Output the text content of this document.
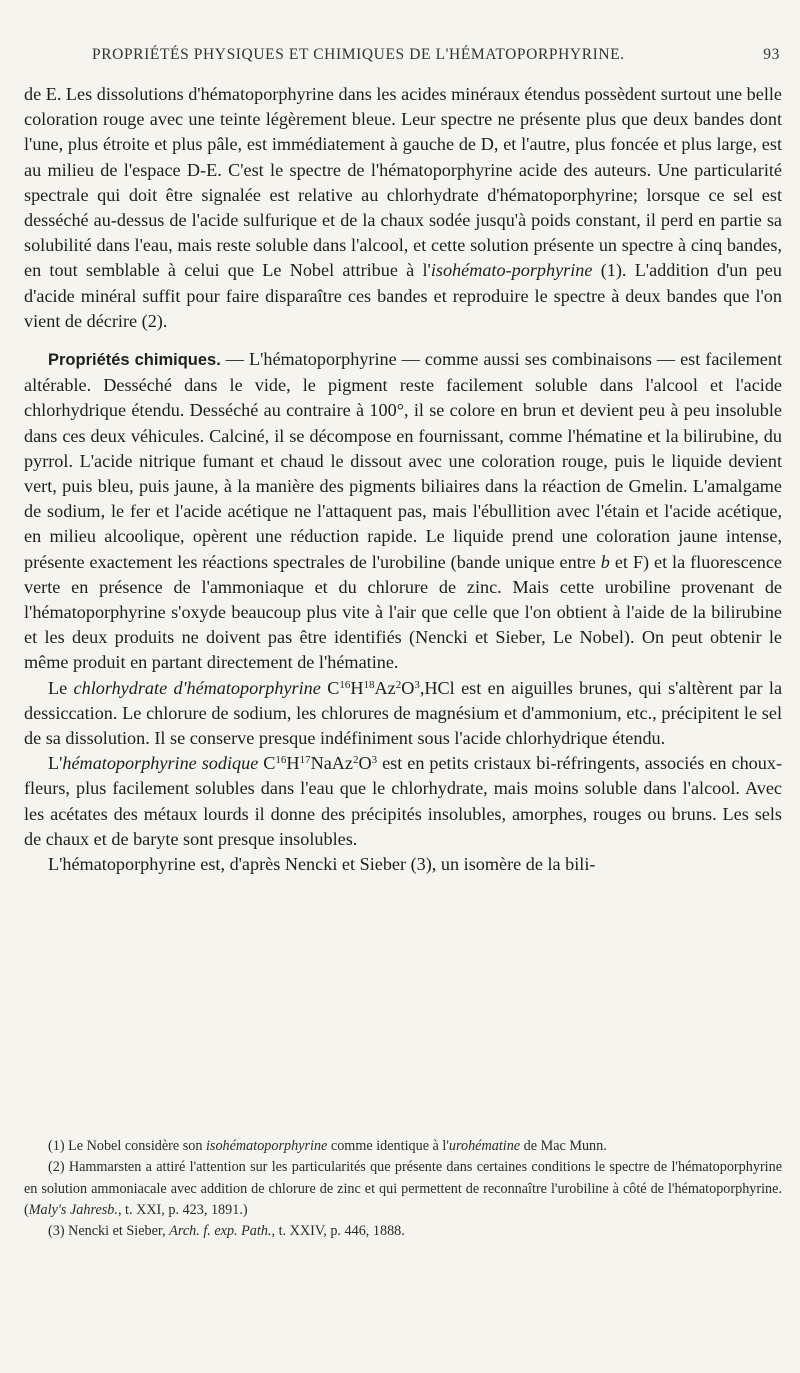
PROPRIÉTÉS PHYSIQUES ET CHIMIQUES DE L'HÉMATOPORPHYRINE.	93

de E. Les dissolutions d'hématoporphyrine dans les acides minéraux étendus possèdent surtout une belle coloration rouge avec une teinte légèrement bleue. Leur spectre ne présente plus que deux bandes dont l'une, plus étroite et plus pâle, est immédiatement à gauche de D, et l'autre, plus foncée et plus large, est au milieu de l'espace D-E. C'est le spectre de l'hématoporphyrine acide des auteurs. Une particularité spectrale qui doit être signalée est relative au chlorhydrate d'hématoporphyrine; lorsque ce sel est desséché au-dessus de l'acide sulfurique et de la chaux sodée jusqu'à poids constant, il perd en partie sa solubilité dans l'eau, mais reste soluble dans l'alcool, et cette solution présente un spectre à cinq bandes, en tout semblable à celui que Le Nobel attribue à l'isohémato-porphyrine (1). L'addition d'un peu d'acide minéral suffit pour faire disparaître ces bandes et reproduire le spectre à deux bandes que l'on vient de décrire (2).

Propriétés chimiques. — L'hématoporphyrine — comme aussi ses combinaisons — est facilement altérable. Desséché dans le vide, le pigment reste facilement soluble dans l'alcool et l'acide chlorhydrique étendu. Desséché au contraire à 100°, il se colore en brun et devient peu à peu insoluble dans ces deux véhicules. Calciné, il se décompose en fournissant, comme l'hématine et la bilirubine, du pyrrol. L'acide nitrique fumant et chaud le dissout avec une coloration rouge, puis le liquide devient vert, puis bleu, puis jaune, à la manière des pigments biliaires dans la réaction de Gmelin. L'amalgame de sodium, le fer et l'acide acétique ne l'attaquent pas, mais l'ébullition avec l'étain et l'acide acétique, en milieu alcoolique, opèrent une réduction rapide. Le liquide prend une coloration jaune intense, présente exactement les réactions spectrales de l'urobiline (bande unique entre b et F) et la fluorescence verte en présence de l'ammoniaque et du chlorure de zinc. Mais cette urobiline provenant de l'hématoporphyrine s'oxyde beaucoup plus vite à l'air que celle que l'on obtient à l'aide de la bilirubine et les deux produits ne doivent pas être identifiés (Nencki et Sieber, Le Nobel). On peut obtenir le même produit en partant directement de l'hématine.

Le chlorhydrate d'hématoporphyrine $C^{16}H^{18}Az^2O^3,HCl$ est en aiguilles brunes, qui s'altèrent par la dessiccation. Le chlorure de sodium, les chlorures de magnésium et d'ammonium, etc., précipitent le sel de sa dissolution. Il se conserve presque indéfiniment sous l'acide chlorhydrique étendu.

L'hématoporphyrine sodique $C^{16}H^{17}NaAz^2O^3$ est en petits cristaux bi-réfringents, associés en choux-fleurs, plus facilement solubles dans l'eau que le chlorhydrate, mais moins soluble dans l'alcool. Avec les acétates des métaux lourds il donne des précipités insolubles, amorphes, rouges ou bruns. Les sels de chaux et de baryte sont presque insolubles.

L'hématoporphyrine est, d'après Nencki et Sieber (3), un isomère de la bili-

(1) Le Nobel considère son isohématoporphyrine comme identique à l'urohématine de Mac Munn.

(2) Hammarsten a attiré l'attention sur les particularités que présente dans certaines conditions le spectre de l'hématoporphyrine en solution ammoniacale avec addition de chlorure de zinc et qui permettent de reconnaître l'urobiline à côté de l'hématoporphyrine. (Maly's Jahresb., t. XXI, p. 423, 1891.)

(3) Nencki et Sieber, Arch. f. exp. Path., t. XXIV, p. 446, 1888.
